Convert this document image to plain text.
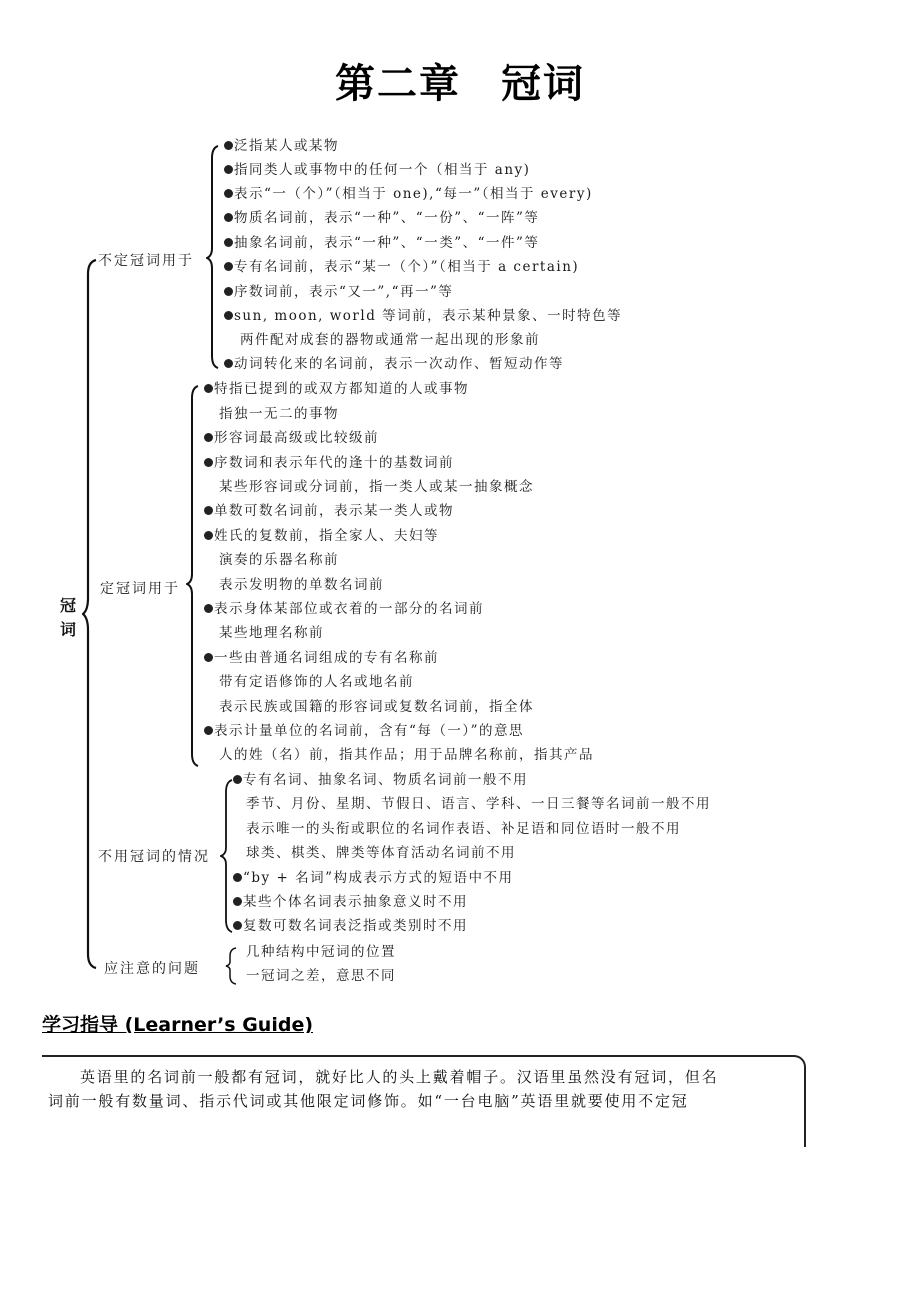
第二章 冠词
冠词
不定冠词用于
定冠词用于
不用冠词的情况
应注意的问题
泛指某人或某物
指同类人或事物中的任何一个（相当于 any)
表示“一（个）”（相当于 one),“每一”（相当于 every)
物质名词前，表示“一种”、“一份”、“一阵”等
抽象名词前，表示“一种”、“一类”、“一件”等
专有名词前，表示“某一（个）”（相当于 a certain)
序数词前，表示“又一”,“再一”等
sun, moon, world 等词前，表示某种景象、一时特色等
两件配对成套的器物或通常一起出现的形象前
动词转化来的名词前，表示一次动作、暂短动作等
特指已提到的或双方都知道的人或事物
指独一无二的事物
形容词最高级或比较级前
序数词和表示年代的逢十的基数词前
某些形容词或分词前，指一类人或某一抽象概念
单数可数名词前，表示某一类人或物
姓氏的复数前，指全家人、夫妇等
演奏的乐器名称前
表示发明物的单数名词前
表示身体某部位或衣着的一部分的名词前
某些地理名称前
一些由普通名词组成的专有名称前
带有定语修饰的人名或地名前
表示民族或国籍的形容词或复数名词前，指全体
表示计量单位的名词前，含有“每（一）”的意思
人的姓（名）前，指其作品；用于品牌名称前，指其产品
专有名词、抽象名词、物质名词前一般不用
季节、月份、星期、节假日、语言、学科、一日三餐等名词前一般不用
表示唯一的头衔或职位的名词作表语、补足语和同位语时一般不用
球类、棋类、牌类等体育活动名词前不用
“by + 名词”构成表示方式的短语中不用
某些个体名词表示抽象意义时不用
复数可数名词表泛指或类别时不用
几种结构中冠词的位置
一冠词之差，意思不同
学习指导 (Learner’s Guide)
英语里的名词前一般都有冠词，就好比人的头上戴着帽子。汉语里虽然没有冠词，但名
词前一般有数量词、指示代词或其他限定词修饰。如“一台电脑”英语里就要使用不定冠
